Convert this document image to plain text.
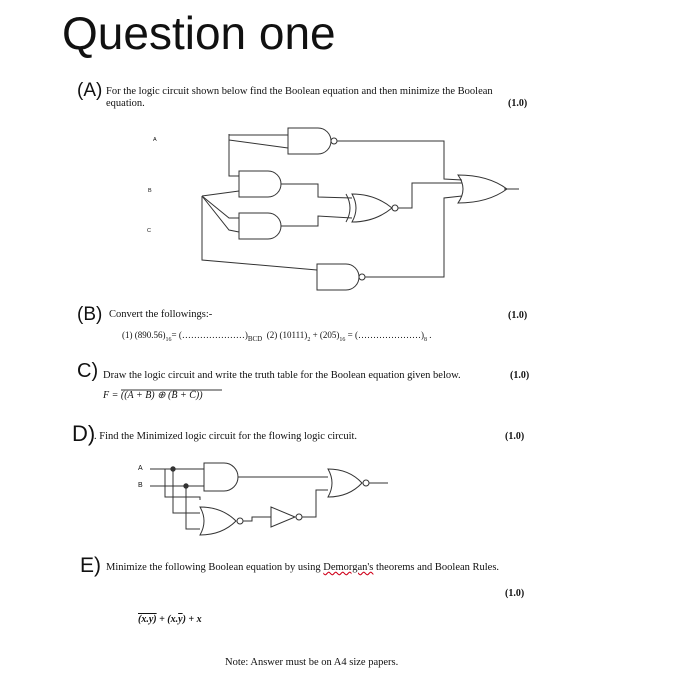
Question one
(A) For the logic circuit shown below find the Boolean equation and then minimize the Boolean
equation.	(1.0)
A
B
C
A
B
(B) Convert the followings:-	(1.0)
(1) $(890.56)_{16}=$ $(\dots\dots\dots\dots\dots\dots\dots)_{BCD}$ (2) $(10111)_2 + (205)_{16}$ = $(\dots\dots\dots\dots\dots\dots\dots)_8$ .
C) Draw the logic circuit and write the truth table for the Boolean equation given below.	(1.0)
F = ((A + B) ⊕ (B̄ + C̄))
D)
. Find the Minimized logic circuit for the flowing logic circuit.	(1.0)
E) Minimize the following Boolean equation by using Demorgan's theorems and Boolean Rules.
(1.0)
$(x.y) + (x.\overline{y}) + x$
Note: Answer must be on A4 size papers.
